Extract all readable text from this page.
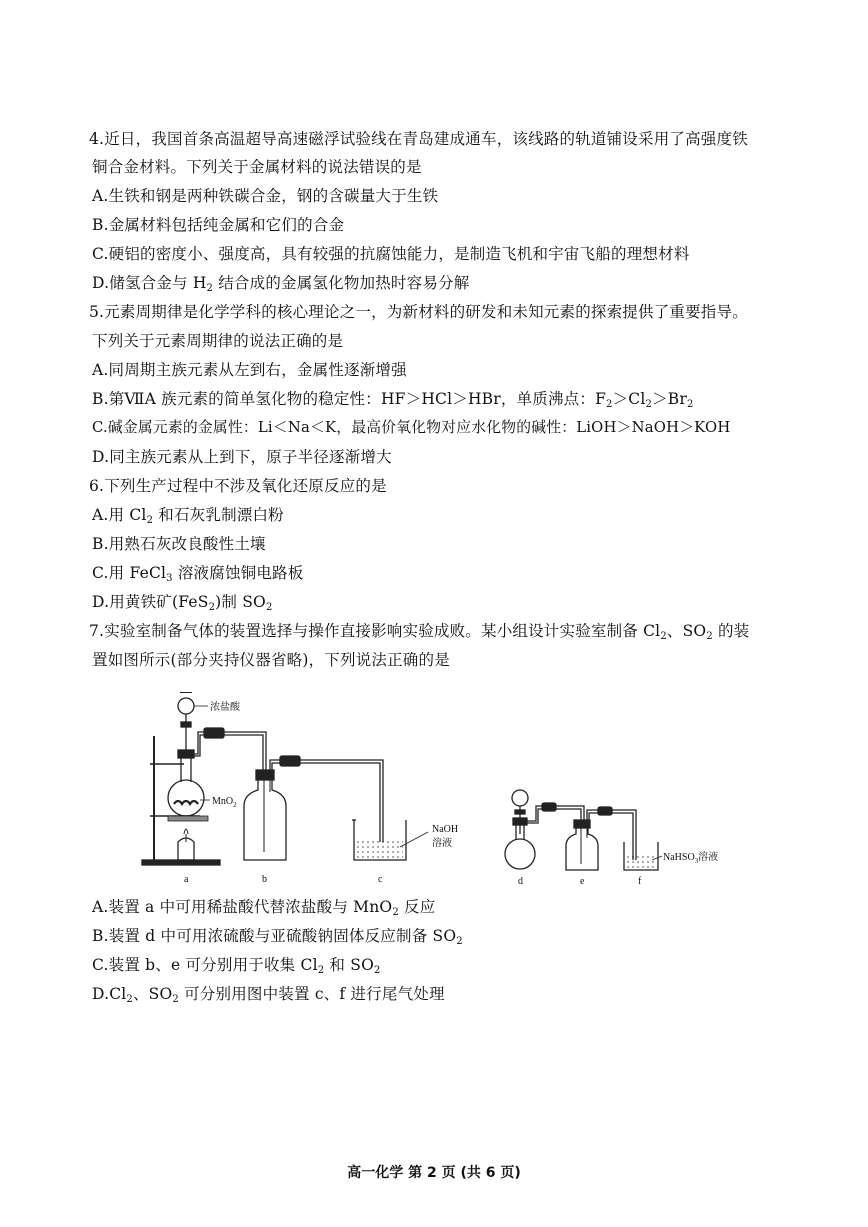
4.近日，我国首条高温超导高速磁浮试验线在青岛建成通车，该线路的轨道铺设采用了高强度铁
铜合金材料。下列关于金属材料的说法错误的是
A.生铁和钢是两种铁碳合金，钢的含碳量大于生铁
B.金属材料包括纯金属和它们的合金
C.硬铝的密度小、强度高，具有较强的抗腐蚀能力，是制造飞机和宇宙飞船的理想材料
D.储氢合金与 $H_2$ 结合成的金属氢化物加热时容易分解
5.元素周期律是化学学科的核心理论之一，为新材料的研发和未知元素的探索提供了重要指导。
下列关于元素周期律的说法正确的是
A.同周期主族元素从左到右，金属性逐渐增强
B.第ⅦA 族元素的简单氢化物的稳定性：HF＞HCl＞HBr，单质沸点：$F_2>Cl_2>Br_2$
C.碱金属元素的金属性：Li＜Na＜K，最高价氧化物对应水化物的碱性：LiOH＞NaOH＞KOH
D.同主族元素从上到下，原子半径逐渐增大
6.下列生产过程中不涉及氧化还原反应的是
A.用 $Cl_2$ 和石灰乳制漂白粉
B.用熟石灰改良酸性土壤
C.用 FeCl$_3$ 溶液腐蚀铜电路板
D.用黄铁矿(FeS$_2$)制 $SO_2$
7.实验室制备气体的装置选择与操作直接影响实验成败。某小组设计实验室制备 $Cl_2$、$SO_2$ 的装
置如图所示(部分夹持仪器省略)，下列说法正确的是
浓盐酸
MnO$_2$
NaOH
溶液
NaHSO$_3$溶液
a	b	c	d	e	f
A.装置 a 中可用稀盐酸代替浓盐酸与 MnO$_2$ 反应
B.装置 d 中可用浓硫酸与亚硫酸钠固体反应制备 $SO_2$
C.装置 b、e 可分别用于收集 $Cl_2$ 和 $SO_2$
$D.Cl_2$、$SO_2$ 可分别用图中装置 c、f 进行尾气处理
高一化学 第 2 页 (共 6 页)
